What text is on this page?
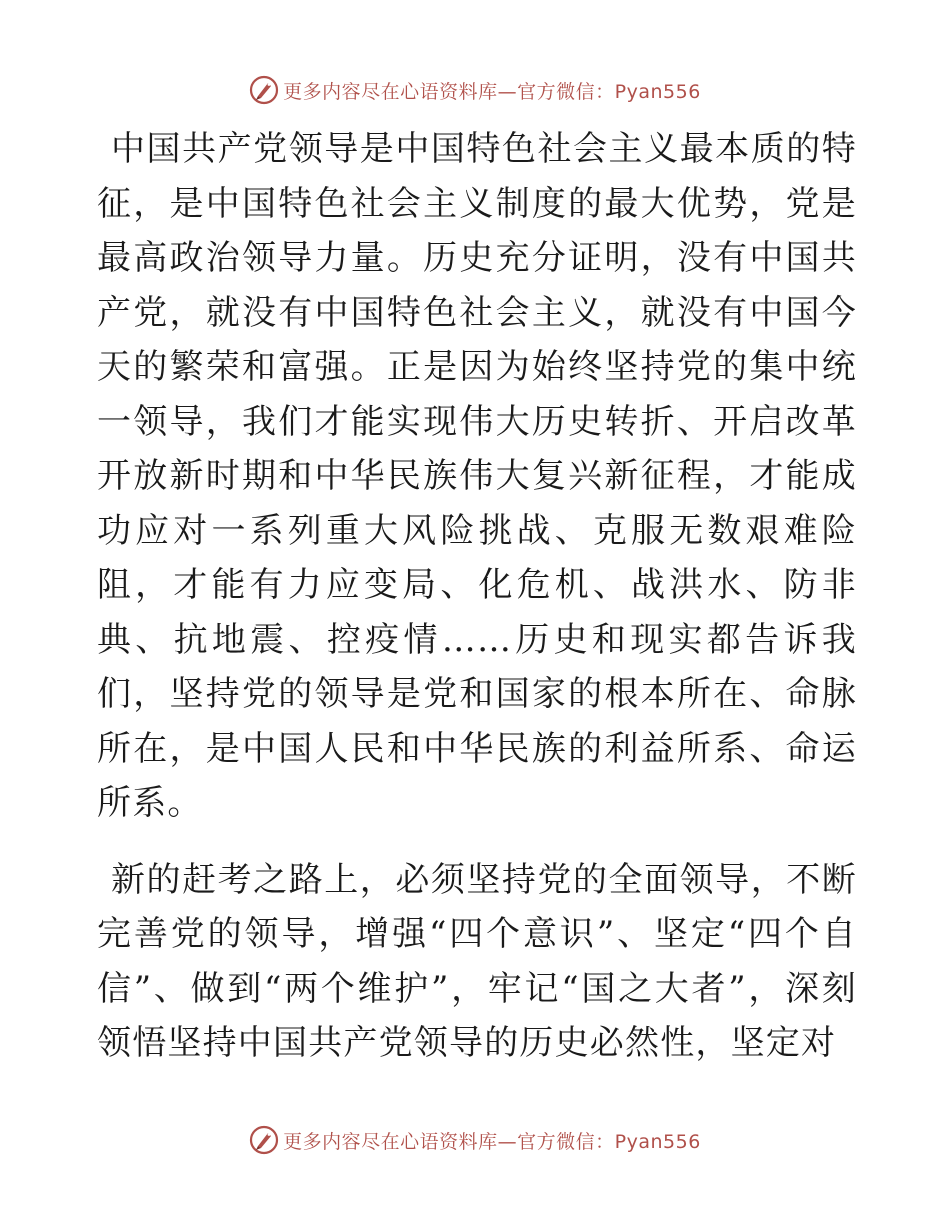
更多内容尽在心语资料库—官方微信：Pyan556

中国共产党领导是中国特色社会主义最本质的特征，是中国特色社会主义制度的最大优势，党是最高政治领导力量。历史充分证明，没有中国共产党，就没有中国特色社会主义，就没有中国今天的繁荣和富强。正是因为始终坚持党的集中统一领导，我们才能实现伟大历史转折、开启改革开放新时期和中华民族伟大复兴新征程，才能成功应对一系列重大风险挑战、克服无数艰难险阻，才能有力应变局、化危机、战洪水、防非典、抗地震、控疫情……历史和现实都告诉我们，坚持党的领导是党和国家的根本所在、命脉所在，是中国人民和中华民族的利益所系、命运所系。

新的赶考之路上，必须坚持党的全面领导，不断完善党的领导，增强“四个意识”、坚定“四个自信”、做到“两个维护”，牢记“国之大者”，深刻领悟坚持中国共产党领导的历史必然性，坚定对

更多内容尽在心语资料库—官方微信：Pyan556
